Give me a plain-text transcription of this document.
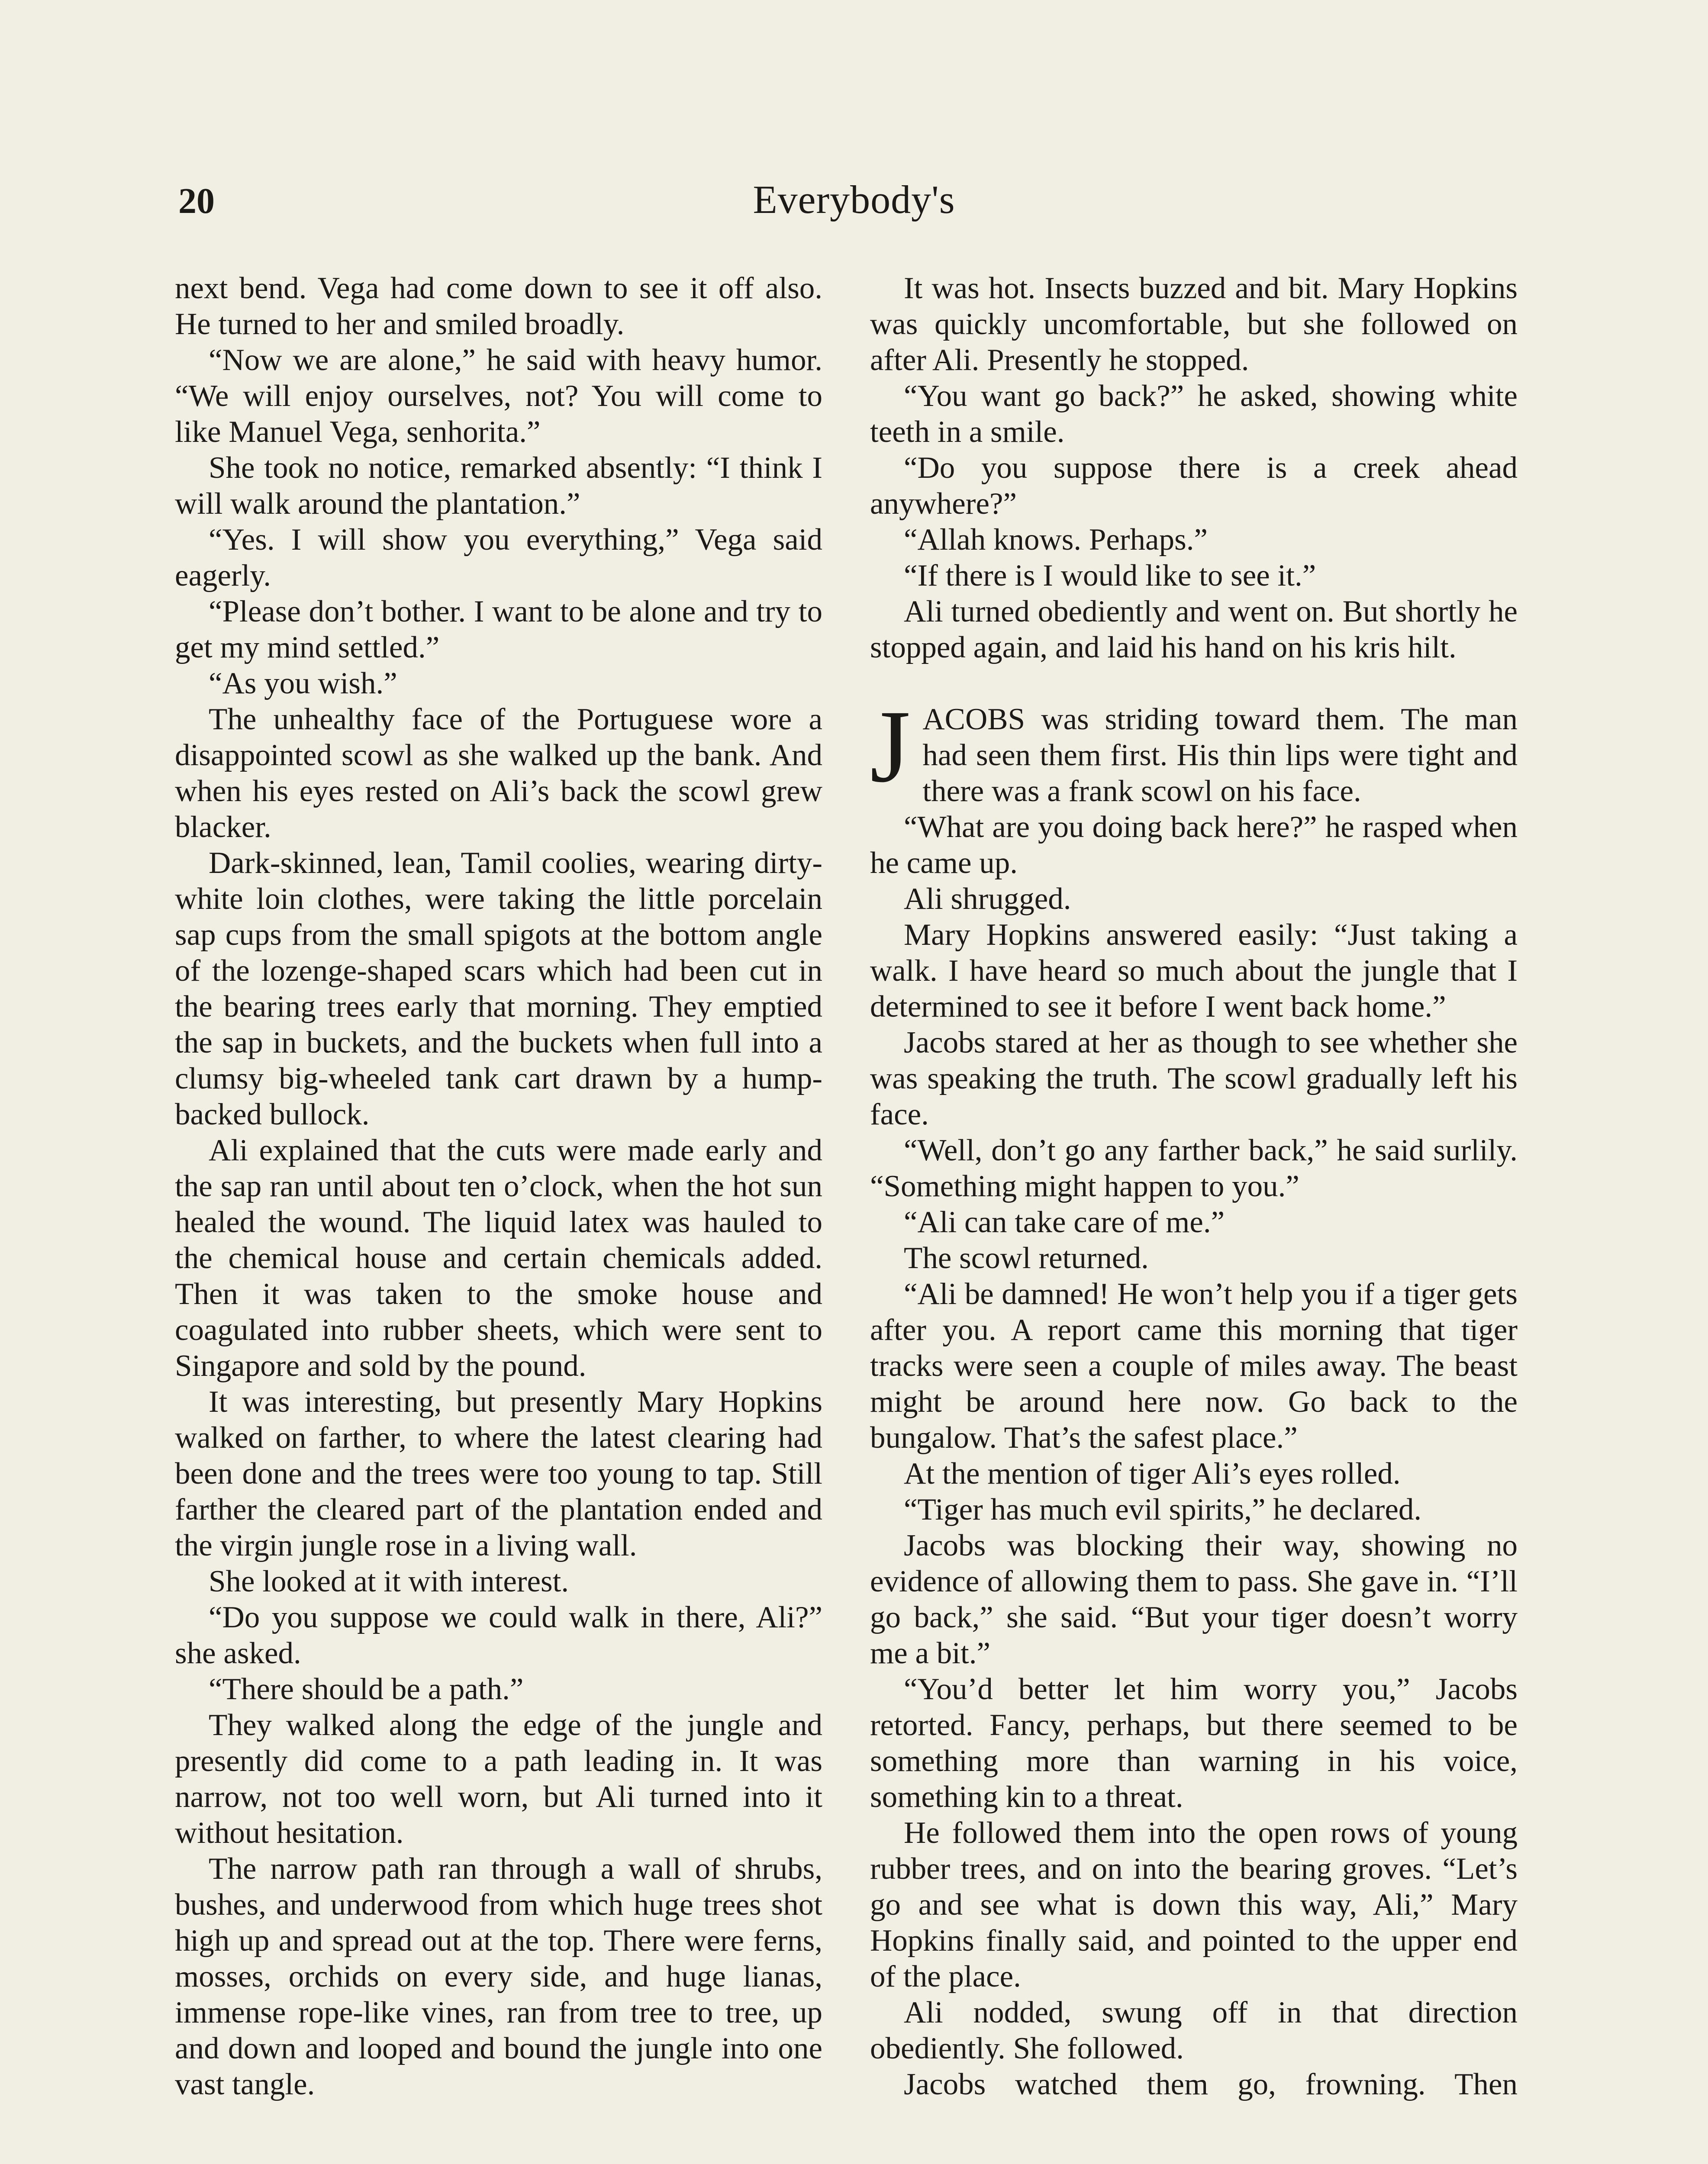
20	Everybody's

next bend. Vega had come down to see it off also. He turned to her and smiled broadly.

“Now we are alone,” he said with heavy humor. “We will enjoy ourselves, not? You will come to like Manuel Vega, senhorita.”

She took no notice, remarked absently: “I think I will walk around the plantation.”

“Yes. I will show you everything,” Vega said eagerly.

“Please don’t bother. I want to be alone and try to get my mind settled.”

“As you wish.”

The unhealthy face of the Portuguese wore a disappointed scowl as she walked up the bank. And when his eyes rested on Ali’s back the scowl grew blacker.

Dark-skinned, lean, Tamil coolies, wearing dirty-white loin clothes, were taking the little porcelain sap cups from the small spigots at the bottom angle of the lozenge-shaped scars which had been cut in the bearing trees early that morning. They emptied the sap in buckets, and the buckets when full into a clumsy big-wheeled tank cart drawn by a hump-backed bullock.

Ali explained that the cuts were made early and the sap ran until about ten o’clock, when the hot sun healed the wound. The liquid latex was hauled to the chemical house and certain chemicals added. Then it was taken to the smoke house and coagulated into rubber sheets, which were sent to Singapore and sold by the pound.

It was interesting, but presently Mary Hopkins walked on farther, to where the latest clearing had been done and the trees were too young to tap. Still farther the cleared part of the plantation ended and the virgin jungle rose in a living wall.

She looked at it with interest.

“Do you suppose we could walk in there, Ali?” she asked.

“There should be a path.”

They walked along the edge of the jungle and presently did come to a path leading in. It was narrow, not too well worn, but Ali turned into it without hesitation.

The narrow path ran through a wall of shrubs, bushes, and underwood from which huge trees shot high up and spread out at the top. There were ferns, mosses, orchids on every side, and huge lianas, immense rope-like vines, ran from tree to tree, up and down and looped and bound the jungle into one vast tangle.

It was hot. Insects buzzed and bit. Mary Hopkins was quickly uncomfortable, but she followed on after Ali. Presently he stopped.

“You want go back?” he asked, showing white teeth in a smile.

“Do you suppose there is a creek ahead anywhere?”

“Allah knows. Perhaps.”

“If there is I would like to see it.”

Ali turned obediently and went on. But shortly he stopped again, and laid his hand on his kris hilt.

JACOBS was striding toward them. The man had seen them first. His thin lips were tight and there was a frank scowl on his face.

“What are you doing back here?” he rasped when he came up.

Ali shrugged.

Mary Hopkins answered easily: “Just taking a walk. I have heard so much about the jungle that I determined to see it before I went back home.”

Jacobs stared at her as though to see whether she was speaking the truth. The scowl gradually left his face.

“Well, don’t go any farther back,” he said surlily. “Something might happen to you.”

“Ali can take care of me.”

The scowl returned.

“Ali be damned! He won’t help you if a tiger gets after you. A report came this morning that tiger tracks were seen a couple of miles away. The beast might be around here now. Go back to the bungalow. That’s the safest place.”

At the mention of tiger Ali’s eyes rolled.

“Tiger has much evil spirits,” he declared.

Jacobs was blocking their way, showing no evidence of allowing them to pass. She gave in. “I’ll go back,” she said. “But your tiger doesn’t worry me a bit.”

“You’d better let him worry you,” Jacobs retorted. Fancy, perhaps, but there seemed to be something more than warning in his voice, something kin to a threat.

He followed them into the open rows of young rubber trees, and on into the bearing groves. “Let’s go and see what is down this way, Ali,” Mary Hopkins finally said, and pointed to the upper end of the place.

Ali nodded, swung off in that direction obediently. She followed.

Jacobs watched them go, frowning. Then
